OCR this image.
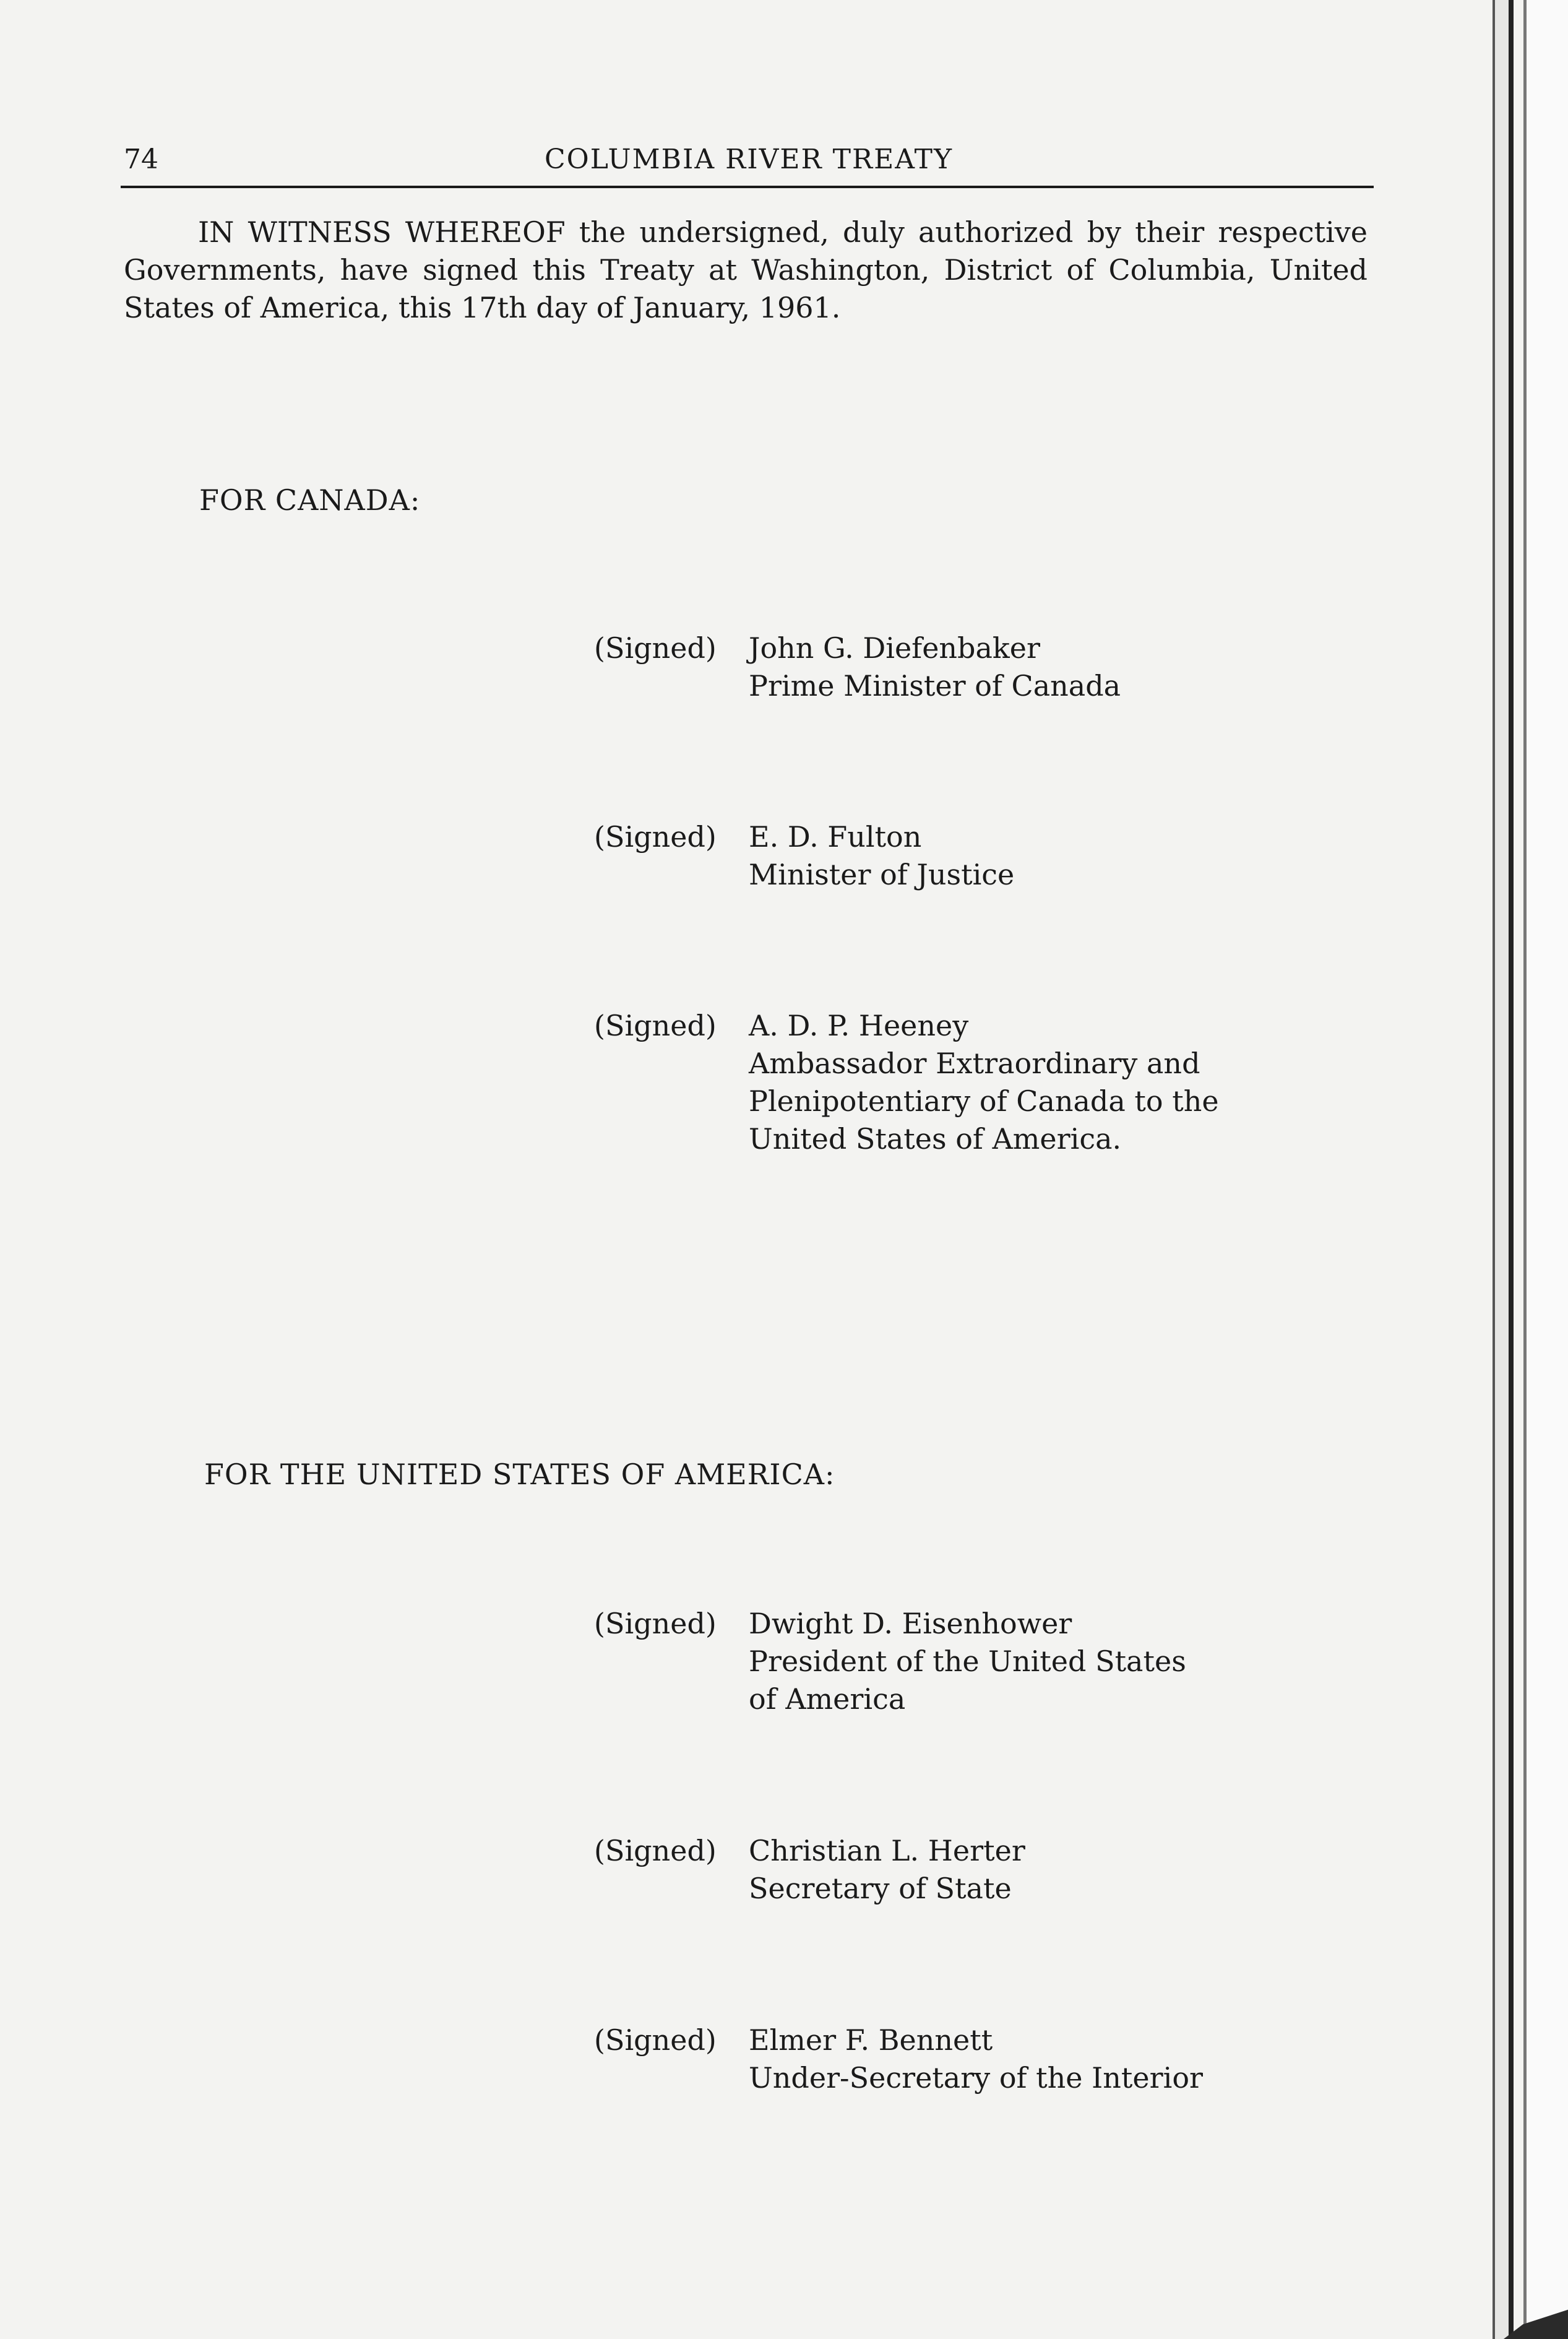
74	COLUMBIA RIVER TREATY

IN WITNESS WHEREOF the undersigned, duly authorized by their respective Governments, have signed this Treaty at Washington, District of Columbia, United States of America, this 17th day of January, 1961.

FOR CANADA:
(Signed)	John G. Diefenbaker
Prime Minister of Canada
(Signed)	E. D. Fulton
Minister of Justice
(Signed)	A. D. P. Heeney
Ambassador Extraordinary and
Plenipotentiary of Canada to the
United States of America.
FOR THE UNITED STATES OF AMERICA:
(Signed)	Dwight D. Eisenhower
President of the United States
of America
(Signed)	Christian L. Herter
Secretary of State
(Signed)	Elmer F. Bennett
Under-Secretary of the Interior
